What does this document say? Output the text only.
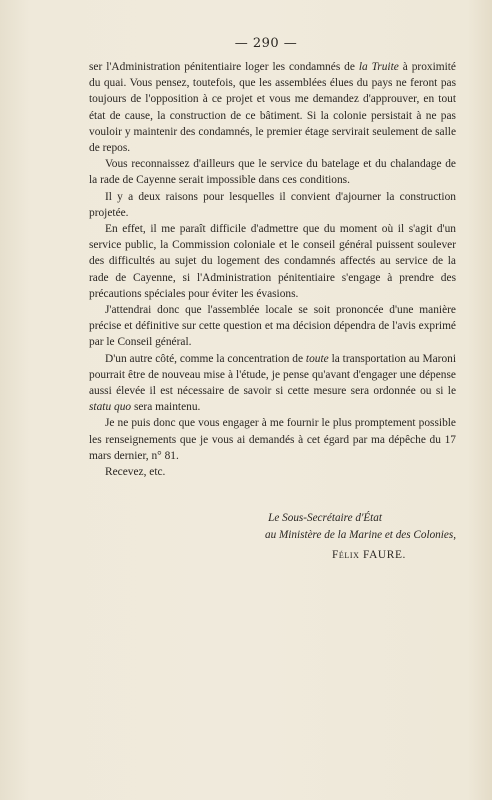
— 290 —

ser l'Administration pénitentiaire loger les condamnés de la Truite à proximité du quai. Vous pensez, toutefois, que les assemblées élues du pays ne feront pas toujours de l'opposition à ce projet et vous me demandez d'approuver, en tout état de cause, la construction de ce bâtiment. Si la colonie persistait à ne pas vouloir y maintenir des condamnés, le premier étage servirait seulement de salle de repos.

Vous reconnaissez d'ailleurs que le service du batelage et du chalandage de la rade de Cayenne serait impossible dans ces conditions.

Il y a deux raisons pour lesquelles il convient d'ajourner la construction projetée.

En effet, il me paraît difficile d'admettre que du moment où il s'agit d'un service public, la Commission coloniale et le conseil général puissent soulever des difficultés au sujet du logement des condamnés affectés au service de la rade de Cayenne, si l'Administration pénitentiaire s'engage à prendre des précautions spéciales pour éviter les évasions.

J'attendrai donc que l'assemblée locale se soit prononcée d'une manière précise et définitive sur cette question et ma décision dépendra de l'avis exprimé par le Conseil général.

D'un autre côté, comme la concentration de toute la transportation au Maroni pourrait être de nouveau mise à l'étude, je pense qu'avant d'engager une dépense aussi élevée il est nécessaire de savoir si cette mesure sera ordonnée ou si le statu quo sera maintenu.

Je ne puis donc que vous engager à me fournir le plus promptement possible les renseignements que je vous ai demandés à cet égard par ma dépêche du 17 mars dernier, n° 81.

Recevez, etc.

Le Sous-Secrétaire d'État
au Ministère de la Marine et des Colonies,
Félix FAURE.
